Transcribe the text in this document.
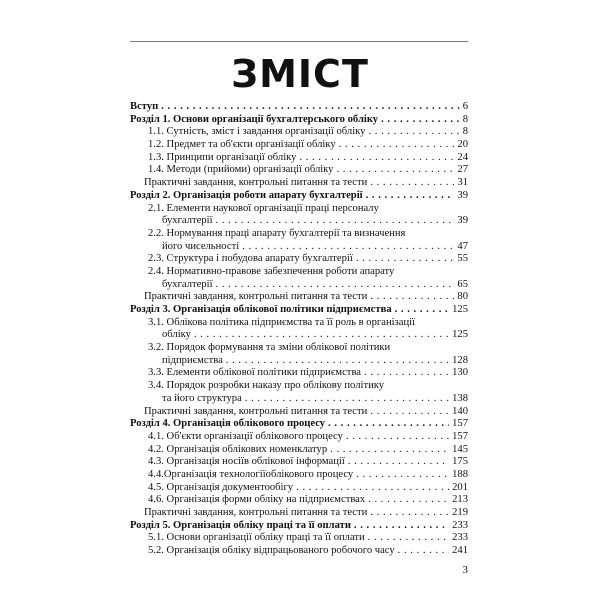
ЗМІСТ
Вступ . . .	6
Розділ 1. Основи організації бухгалтерського обліку . . .	8
1.1. Сутність, зміст і завдання організації обліку . . .	8
1.2. Предмет та об'єкти організації обліку . . .	20
1.3. Принципи організації обліку . . .	24
1.4. Методи (прийоми) організації обліку . . .	27
Практичні завдання, контрольні питання та тести . . .	31
Розділ 2. Організація роботи апарату бухгалтерії . . .	39
2.1. Елементи наукової організації праці персоналу
бухгалтерії . . .	39
2.2. Нормування праці апарату бухгалтерії та визначення
його чисельності . . .	47
2.3. Структура і побудова апарату бухгалтерії . . .	55
2.4. Нормативно-правове забезпечення роботи апарату
бухгалтерії . . .	65
Практичні завдання, контрольні питання та тести . . .	80
Розділ 3. Організація облікової політики підприємства . . .	125
3.1. Облікова політика підприємства та її роль в організації
обліку . . .	125
3.2. Порядок формування та зміни облікової політики
підприємства . . .	128
3.3. Елементи облікової політики підприємства . . .	130
3.4. Порядок розробки наказу про облікову політику
та його структура . . .	138
Практичні завдання, контрольні питання та тести . . .	140
Розділ 4. Організація облікового процесу . . .	157
4.1. Об'єкти організації облікового процесу . . .	157
4.2. Організація облікових номенклатур . . .	145
4.3. Організація носіїв облікової інформації . . .	175
4.4.Організація технологіїоблікового процесу . . .	188
4.5. Організація документообігу . . .	201
4.6. Організація форми обліку на підприємствах . . .	213
Практичні завдання, контрольні питання та тести . . .	219
Розділ 5. Організація обліку праці та її оплати . . .	233
5.1. Основи організації обліку праці та її оплати . . .	233
5.2. Організація обліку відпрацьованого робочого часу . . .	241
3
